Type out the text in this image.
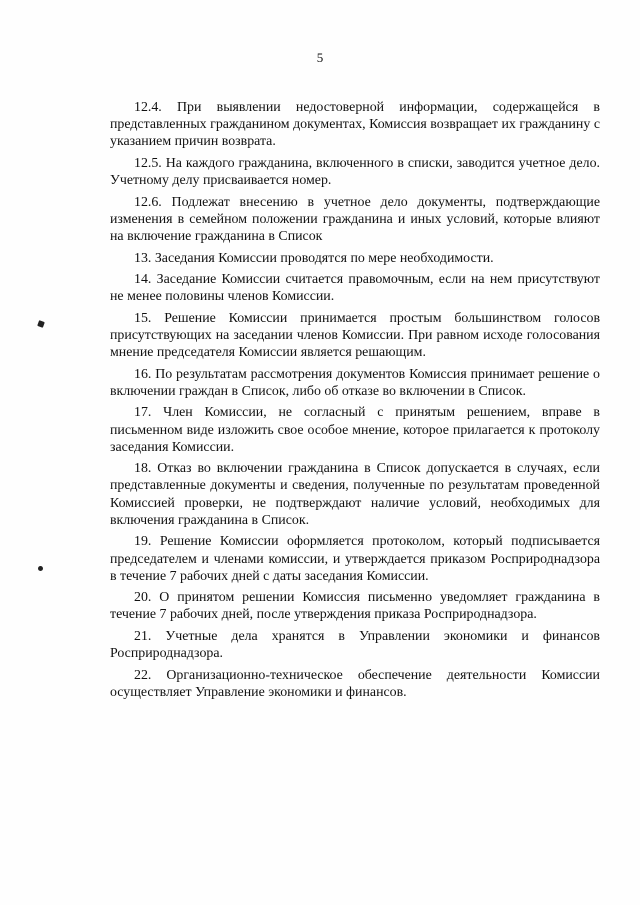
5

12.4. При выявлении недостоверной информации, содержащейся в представленных гражданином документах, Комиссия возвращает их гражданину с указанием причин возврата.

12.5. На каждого гражданина, включенного в списки, заводится учетное дело. Учетному делу присваивается номер.

12.6. Подлежат внесению в учетное дело документы, подтверждающие изменения в семейном положении гражданина и иных условий, которые влияют на включение гражданина в Список

13. Заседания Комиссии проводятся по мере необходимости.

14. Заседание Комиссии считается правомочным, если на нем присутствуют не менее половины членов Комиссии.

15. Решение Комиссии принимается простым большинством голосов присутствующих на заседании членов Комиссии. При равном исходе голосования мнение председателя Комиссии является решающим.

16. По результатам рассмотрения документов Комиссия принимает решение о включении граждан в Список, либо об отказе во включении в Список.

17. Член Комиссии, не согласный с принятым решением, вправе в письменном виде изложить свое особое мнение, которое прилагается к протоколу заседания Комиссии.

18. Отказ во включении гражданина в Список допускается в случаях, если представленные документы и сведения, полученные по результатам проведенной Комиссией проверки, не подтверждают наличие условий, необходимых для включения гражданина в Список.

19. Решение Комиссии оформляется протоколом, который подписывается председателем и членами комиссии, и утверждается приказом Росприроднадзора в течение 7 рабочих дней с даты заседания Комиссии.

20. О принятом решении Комиссия письменно уведомляет гражданина в течение 7 рабочих дней, после утверждения приказа Росприроднадзора.

21. Учетные дела хранятся в Управлении экономики и финансов Росприроднадзора.

22. Организационно-техническое обеспечение деятельности Комиссии осуществляет Управление экономики и финансов.
